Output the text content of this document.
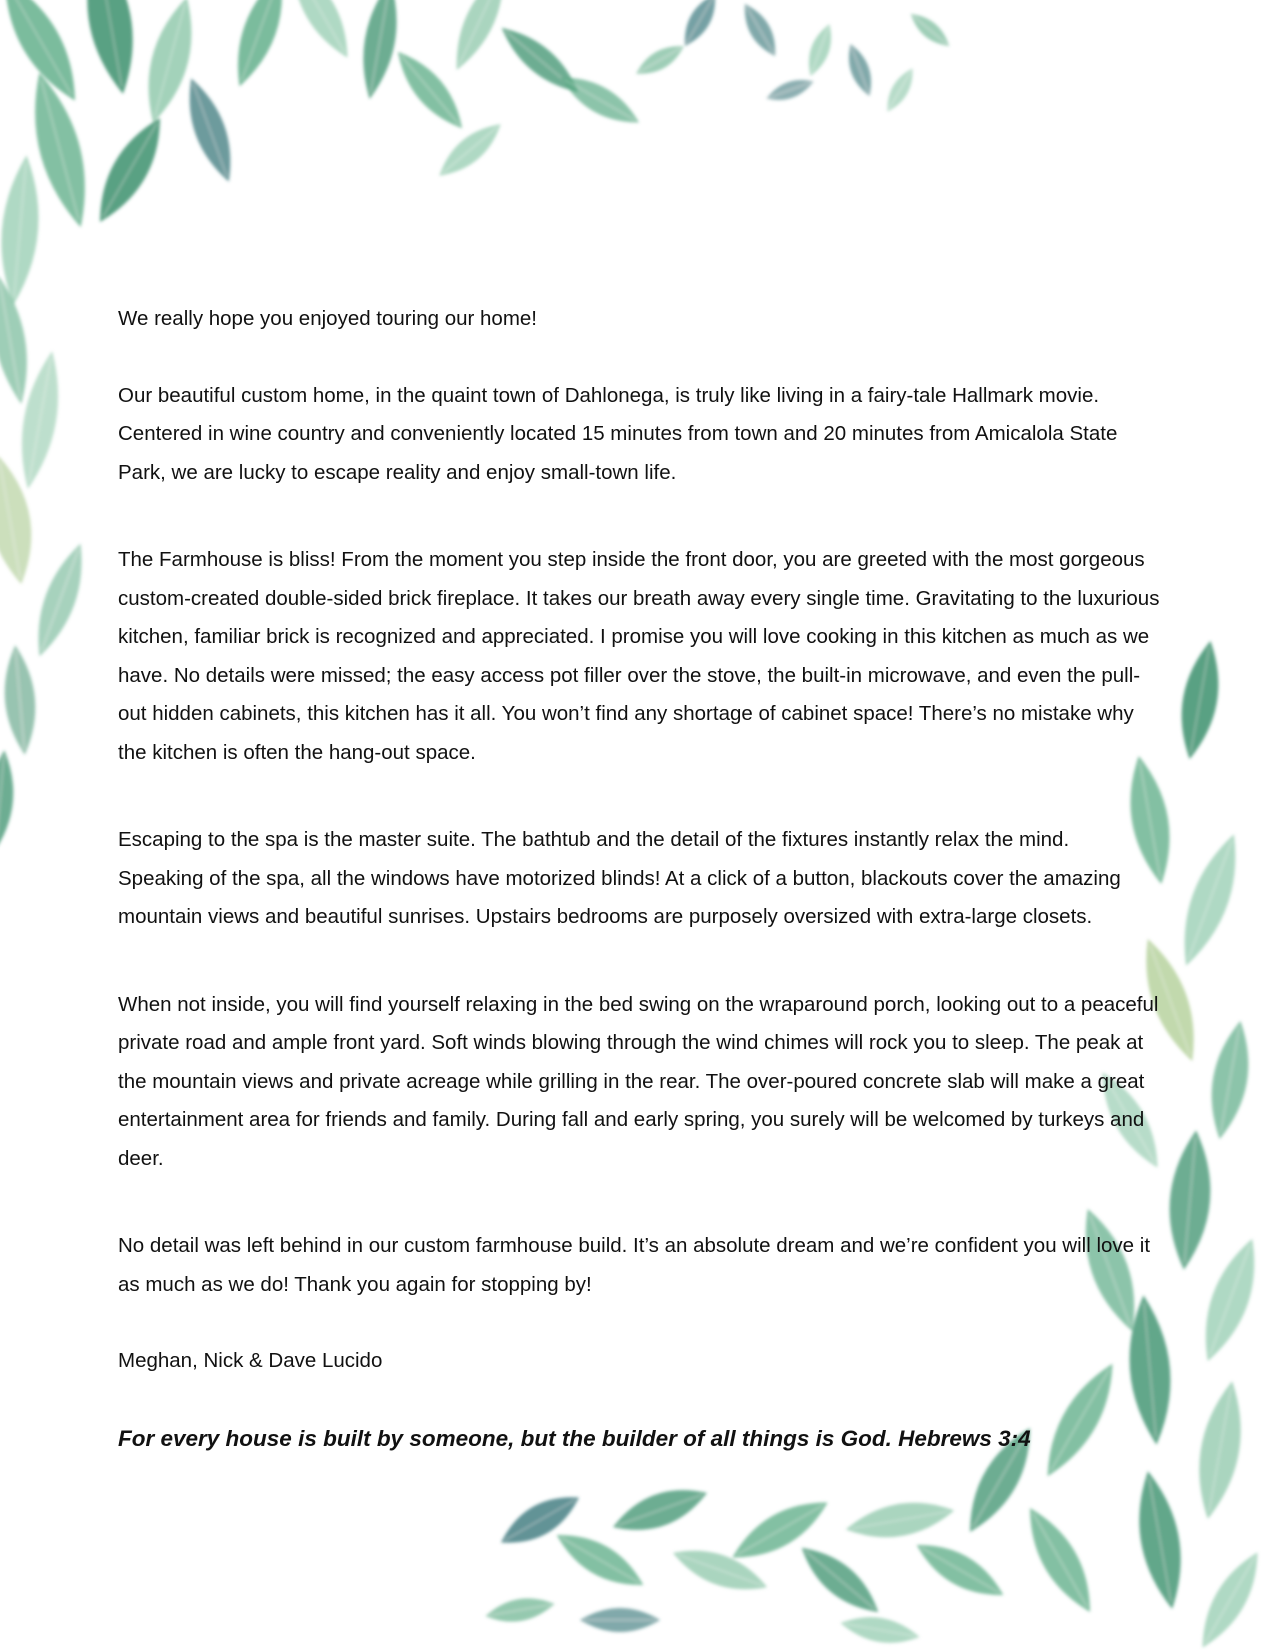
We really hope you enjoyed touring our home!

Our beautiful custom home, in the quaint town of Dahlonega, is truly like living in a fairy-tale Hallmark movie. Centered in wine country and conveniently located 15 minutes from town and 20 minutes from Amicalola State Park, we are lucky to escape reality and enjoy small-town life.

The Farmhouse is bliss! From the moment you step inside the front door, you are greeted with the most gorgeous custom-created double-sided brick fireplace. It takes our breath away every single time. Gravitating to the luxurious kitchen, familiar brick is recognized and appreciated. I promise you will love cooking in this kitchen as much as we have. No details were missed; the easy access pot filler over the stove, the built-in microwave, and even the pull-out hidden cabinets, this kitchen has it all. You won’t find any shortage of cabinet space! There’s no mistake why the kitchen is often the hang-out space.

Escaping to the spa is the master suite. The bathtub and the detail of the fixtures instantly relax the mind. Speaking of the spa, all the windows have motorized blinds! At a click of a button, blackouts cover the amazing mountain views and beautiful sunrises. Upstairs bedrooms are purposely oversized with extra-large closets.

When not inside, you will find yourself relaxing in the bed swing on the wraparound porch, looking out to a peaceful private road and ample front yard. Soft winds blowing through the wind chimes will rock you to sleep. The peak at the mountain views and private acreage while grilling in the rear. The over-poured concrete slab will make a great entertainment area for friends and family. During fall and early spring, you surely will be welcomed by turkeys and deer.

No detail was left behind in our custom farmhouse build. It’s an absolute dream and we’re confident you will love it as much as we do! Thank you again for stopping by!

Meghan, Nick & Dave Lucido

For every house is built by someone, but the builder of all things is God. Hebrews 3:4
